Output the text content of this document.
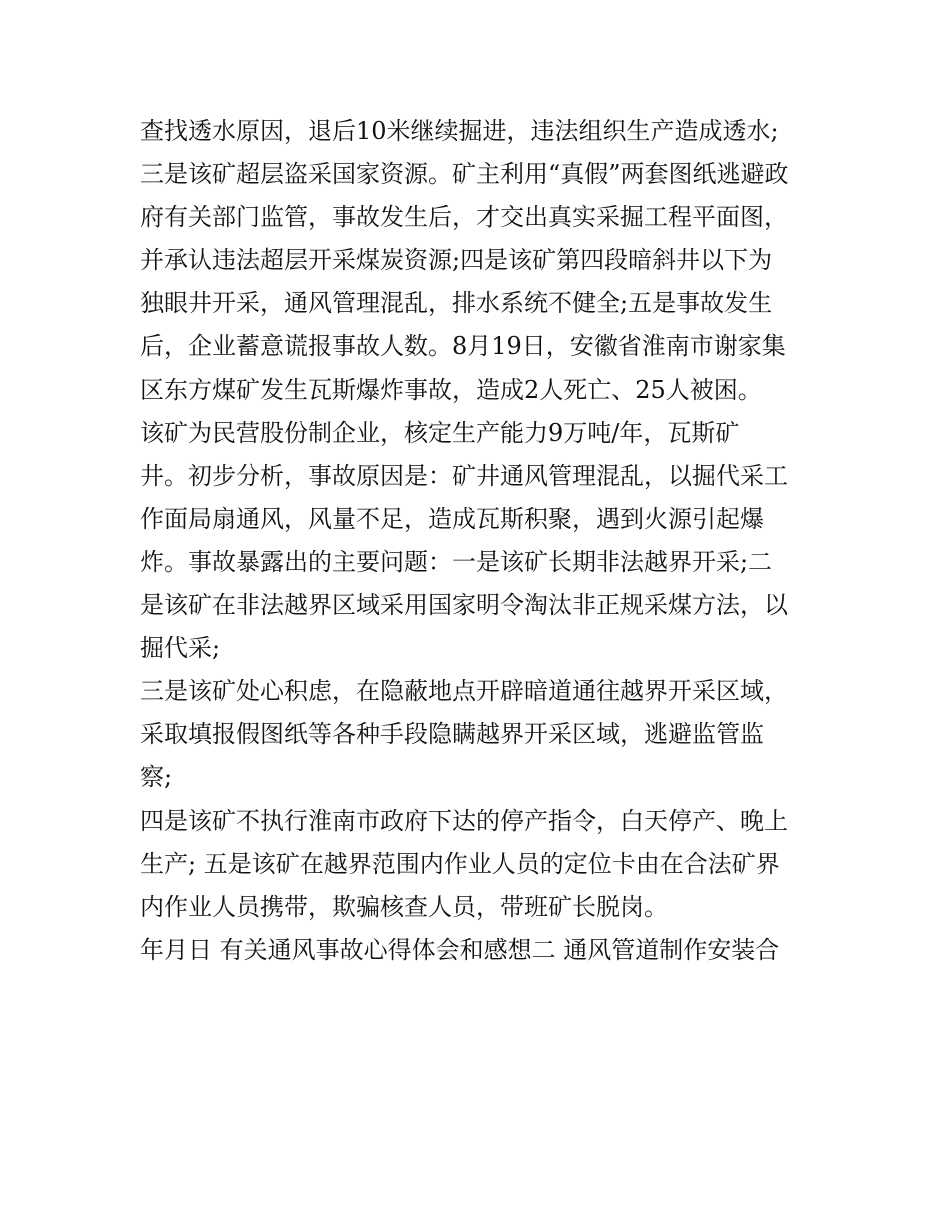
查找透水原因，退后10米继续掘进，违法组织生产造成透水;
三是该矿超层盗采国家资源。矿主利用“真假”两套图纸逃避政
府有关部门监管，事故发生后，才交出真实采掘工程平面图，
并承认违法超层开采煤炭资源;四是该矿第四段暗斜井以下为
独眼井开采，通风管理混乱，排水系统不健全;五是事故发生
后，企业蓄意谎报事故人数。8月19日，安徽省淮南市谢家集
区东方煤矿发生瓦斯爆炸事故，造成2人死亡、25人被困。
该矿为民营股份制企业，核定生产能力9万吨/年，瓦斯矿
井。初步分析，事故原因是：矿井通风管理混乱，以掘代采工
作面局扇通风，风量不足，造成瓦斯积聚，遇到火源引起爆
炸。事故暴露出的主要问题：一是该矿长期非法越界开采;二
是该矿在非法越界区域采用国家明令淘汰非正规采煤方法，以
掘代采;
三是该矿处心积虑，在隐蔽地点开辟暗道通往越界开采区域，
采取填报假图纸等各种手段隐瞒越界开采区域，逃避监管监
察;
四是该矿不执行淮南市政府下达的停产指令，白天停产、晚上
生产; 五是该矿在越界范围内作业人员的定位卡由在合法矿界
内作业人员携带，欺骗核查人员，带班矿长脱岗。
年月日 有关通风事故心得体会和感想二 通风管道制作安装合
